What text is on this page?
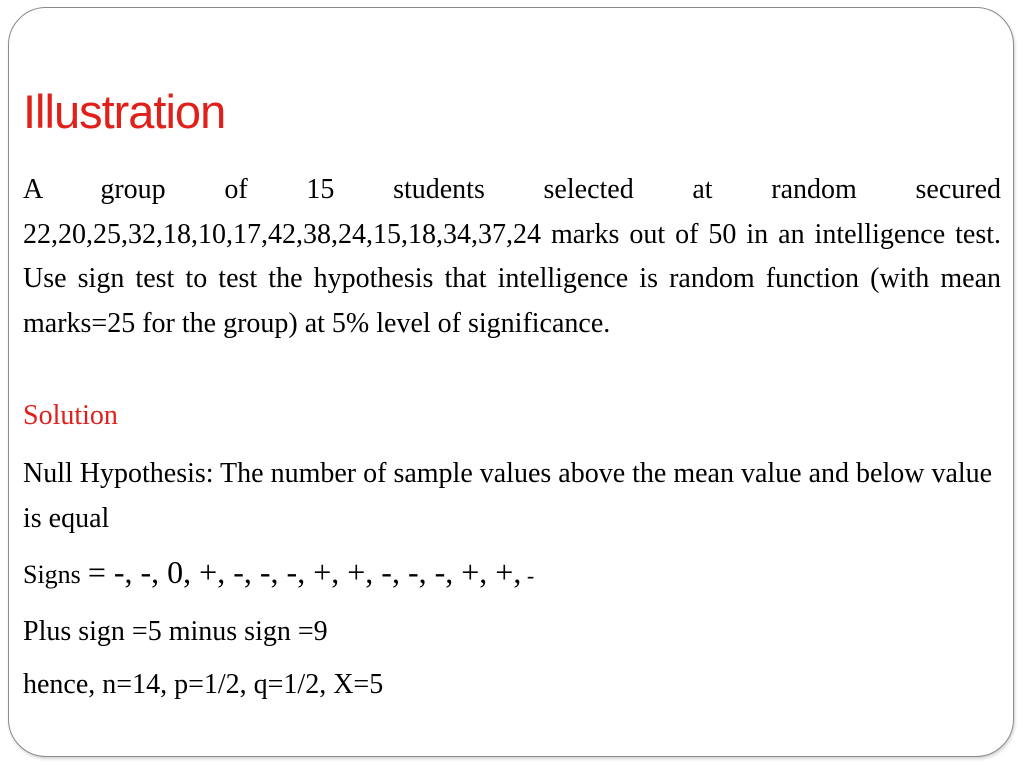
Illustration

A group of 15 students selected at random secured 22,20,25,32,18,10,17,42,38,24,15,18,34,37,24 marks out of 50 in an intelligence test. Use sign test to test the hypothesis that intelligence is random function (with mean marks=25 for the group) at 5% level of significance.

Solution

Null Hypothesis: The number of sample values above the mean value and below value is equal

Signs = -, -, 0, +, -, -, -, +, +, -, -, -, +, +, -

Plus sign =5 minus sign =9

hence, n=14, p=1/2, q=1/2, X=5
